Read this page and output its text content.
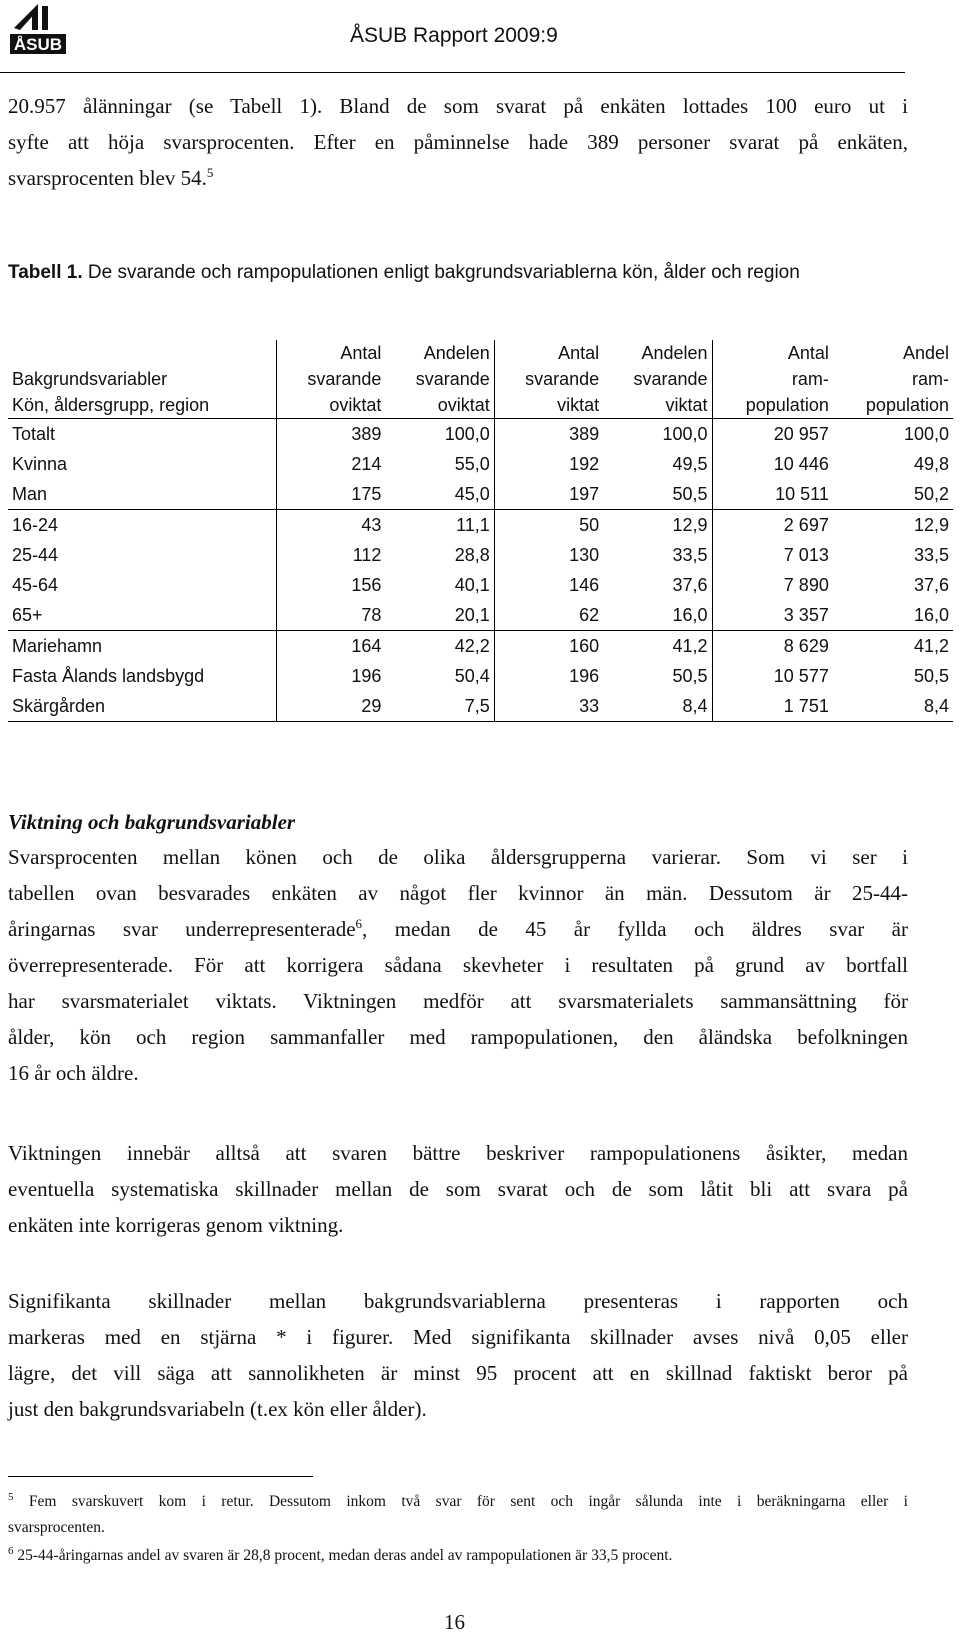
ÅSUB	ÅSUB Rapport 2009:9
20.957 ålänningar (se Tabell 1). Bland de som svarat på enkäten lottades 100 euro ut i
syfte att höja svarsprocenten. Efter en påminnelse hade 389 personer svarat på enkäten,
svarsprocenten blev 54.$^5$
Tabell 1. De svarande och rampopulationen enligt bakgrundsvariablerna kön, ålder och region
	Antal	Andelen	Antal	Andelen	Antal	Andel
Bakgrundsvariabler	svarande	svarande	svarande	svarande	ram-	ram-
Kön, åldersgrupp, region	oviktat	oviktat	viktat	viktat	population	population
Totalt	389	100,0	389	100,0	20 957	100,0
Kvinna	214	55,0	192	49,5	10 446	49,8
Man	175	45,0	197	50,5	10 511	50,2
16-24	43	11,1	50	12,9	2 697	12,9
25-44	112	28,8	130	33,5	7 013	33,5
45-64	156	40,1	146	37,6	7 890	37,6
65+	78	20,1	62	16,0	3 357	16,0
Mariehamn	164	42,2	160	41,2	8 629	41,2
Fasta Ålands landsbygd	196	50,4	196	50,5	10 577	50,5
Skärgården	29	7,5	33	8,4	1 751	8,4
Viktning och bakgrundsvariabler
Svarsprocenten mellan könen och de olika åldersgrupperna varierar. Som vi ser i
tabellen ovan besvarades enkäten av något fler kvinnor än män. Dessutom är 25-44-
åringarnas svar underrepresenterade$^6$, medan de 45 år fyllda och äldres svar är
överrepresenterade. För att korrigera sådana skevheter i resultaten på grund av bortfall
har svarsmaterialet viktats. Viktningen medför att svarsmaterialets sammansättning för
ålder, kön och region sammanfaller med rampopulationen, den åländska befolkningen
16 år och äldre.
Viktningen innebär alltså att svaren bättre beskriver rampopulationens åsikter, medan
eventuella systematiska skillnader mellan de som svarat och de som låtit bli att svara på
enkäten inte korrigeras genom viktning.
Signifikanta skillnader mellan bakgrundsvariablerna presenteras i rapporten och
markeras med en stjärna * i figurer. Med signifikanta skillnader avses nivå 0,05 eller
lägre, det vill säga att sannolikheten är minst 95 procent att en skillnad faktiskt beror på
just den bakgrundsvariabeln (t.ex kön eller ålder).
$^5$ Fem svarskuvert kom i retur. Dessutom inkom två svar för sent och ingår sålunda inte i beräkningarna eller i
svarsprocenten.
$^6$ 25-44-åringarnas andel av svaren är 28,8 procent, medan deras andel av rampopulationen är 33,5 procent.
16
